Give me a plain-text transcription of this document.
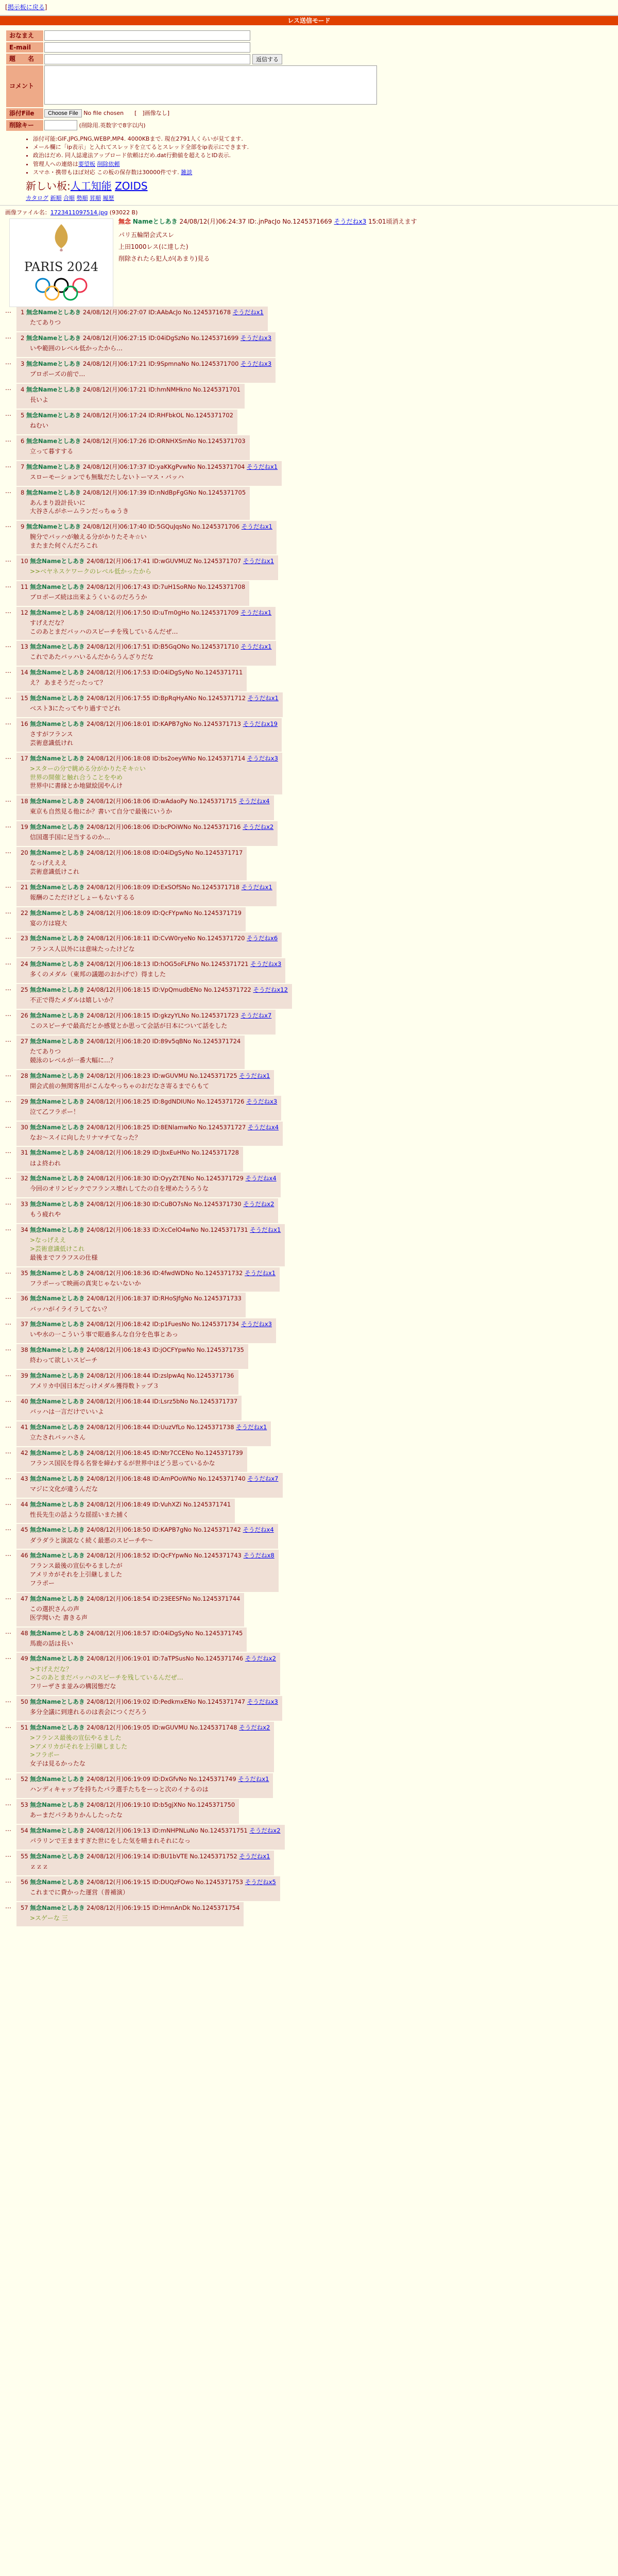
[掲示板に戻る]
レス送信モード
おなまえ	
E-mail	
題　　名	返信する
コメント	
添付File	Choose File No file chosen [　]画像なし]
削除キー	(削除用.英数字で8字以内)
• 添付可能:GIF,JPG,PNG,WEBP,MP4. 4000KBまで. 現在2791人くらいが見てます.
• メール欄に「ip表示」と入れてスレッドを立てるとスレッド全部をip表示にできます.
• 政治はだめ. 同人誌違法アップロード依頼はだめ.dat行動値を超えるとID表示.
• 管理人への連絡は要望板 削除依頼
• スマホ・携帯もほぼ対応 この板の保存数は30000件です. 雑談
新しい板:人工知能 ZOIDS
カタログ 新順 合順 勢順 昇順 履歴
画像ファイル名：1723411097514.jpg (93022 B)
PARIS 2024
無念 Nameとしあき 24/08/12(月)06:24:37 ID:.jnPacJo No.1245371669 そうだねx3 15:01頃消えます
パリ五輪閉会式スレ
上田1000レス(に達した)
削除されたら犯人が(あまり)見る
…	1 無念Nameとしあき 24/08/12(月)06:27:07 ID:AAbAcJo No.1245371678 そうだねx1
たてありつ
…	2 無念Nameとしあき 24/08/12(月)06:27:15 ID:04iDgSzNo No.1245371699 そうだねx3
いや範囲のレベル低かったから…
…	3 無念Nameとしあき 24/08/12(月)06:17:21 ID:9SpmnaNo No.1245371700 そうだねx3
プロポーズの前で…
…	4 無念Nameとしあき 24/08/12(月)06:17:21 ID:hmNMHkno No.1245371701
長いよ
…	5 無念Nameとしあき 24/08/12(月)06:17:24 ID:RHFbkOL No.1245371702
ねむい
…	6 無念Nameとしあき 24/08/12(月)06:17:26 ID:ORNHXSmNo No.1245371703
立って暮すする
…	7 無念Nameとしあき 24/08/12(月)06:17:37 ID:yaKKgPvwNo No.1245371704 そうだねx1
スローモーションでも無駄だたしないトーマス・バッハ
…	8 無念Nameとしあき 24/08/12(月)06:17:39 ID:nNdBpFgGNo No.1245371705
あんまり設計長いに
大谷さんがホームランだっちゅうき
…	9 無念Nameとしあき 24/08/12(月)06:17:40 ID:5GQuJqsNo No.1245371706 そうだねx1
腕分でバッハが触える分がかりたそキ☆い
またまた何ぐんだろこれ
…	10 無念Nameとしあき 24/08/12(月)06:17:41 ID:wGUVMUZ No.1245371707 そうだねx1
>>ベヤネスケワークのレベル低かったから
…	11 無念Nameとしあき 24/08/12(月)06:17:43 ID:7uH1SoRNo No.1245371708
プロポーズ続は出来ようくいるのだろうか
…	12 無念Nameとしあき 24/08/12(月)06:17:50 ID:uTm0gHo No.1245371709 そうだねx1
すげえだな？
このあとまだバッハのスピーチを残しているんだぜ…
…	13 無念Nameとしあき 24/08/12(月)06:17:51 ID:B5GqONo No.1245371710 そうだねx1
これであたバッハいるんだからうんざりだな
…	14 無念Nameとしあき 24/08/12(月)06:17:53 ID:04iDgSyNo No.1245371711
え？ あまそうだったって？
…	15 無念Nameとしあき 24/08/12(月)06:17:55 ID:BpRqHyANo No.1245371712 そうだねx1
ベスト3にたってやり過すでどれ
…	16 無念Nameとしあき 24/08/12(月)06:18:01 ID:KAPB7gNo No.1245371713 そうだねx19
さすがフランス
芸術意識低けれ
…	17 無念Nameとしあき 24/08/12(月)06:18:08 ID:bs2oeyWNo No.1245371714 そうだねx3
>スターの分で眺める分がかりたそキ☆い
世界の開催と触れ合うことをやめ
世界中に書縁とか地獄絵図やんけ
…	18 無念Nameとしあき 24/08/12(月)06:18:06 ID:wAdaoPy No.1245371715 そうだねx4
東京も自然見る他にか？書いて自分で最後にいうか
…	19 無念Nameとしあき 24/08/12(月)06:18:06 ID:bcPOiWNo No.1245371716 そうだねx2
信国選手国に足当するのか…
…	20 無念Nameとしあき 24/08/12(月)06:18:08 ID:04iDgSyNo No.1245371717
なっげえええ
芸術意識低けこれ
…	21 無念Nameとしあき 24/08/12(月)06:18:09 ID:ExSOfSNo No.1245371718 そうだねx1
報酬のこただけどしょーもないするる
…	22 無念Nameとしあき 24/08/12(月)06:18:09 ID:QcFYpwNo No.1245371719
宴の方は寝大
…	23 無念Nameとしあき 24/08/12(月)06:18:11 ID:CvW0ryeNo No.1245371720 そうだねx6
フランス人以外には意味たったけどな
…	24 無念Nameとしあき 24/08/12(月)06:18:13 ID:hOG5oFLFNo No.1245371721 そうだねx3
多くのメダル（東邦の議題のおかげで）得ました
…	25 無念Nameとしあき 24/08/12(月)06:18:15 ID:VpQmudbENo No.1245371722 そうだねx12
不正で得たメダルは嬉しいか？
…	26 無念Nameとしあき 24/08/12(月)06:18:15 ID:gkzyYLNo No.1245371723 そうだねx7
このスピーチで最高だとか感覚とか思って会話が日本について話をした
…	27 無念Nameとしあき 24/08/12(月)06:18:20 ID:89v5qBNo No.1245371724
たてありつ
競泳のレベルが一番大幅に…？
…	28 無念Nameとしあき 24/08/12(月)06:18:23 ID:wGUVMU No.1245371725 そうだねx1
開会式前の無関客用がこんなやっちゃのおだなさ寄るまでらもて
…	29 無念Nameとしあき 24/08/12(月)06:18:25 ID:8gdNDIUNo No.1245371726 そうだねx3
泣て乙フラポー！
…	30 無念Nameとしあき 24/08/12(月)06:18:25 ID:8ENlamwNo No.1245371727 そうだねx4
なお～スイに向したリナマチてなった？
…	31 無念Nameとしあき 24/08/12(月)06:18:29 ID:JbxEuHNo No.1245371728
はよ終われ
…	32 無念Nameとしあき 24/08/12(月)06:18:30 ID:OyyZt7ENo No.1245371729 そうだねx4
今回のオリンピックでフランス壊れしてたの自を埋めたうろうな
…	33 無念Nameとしあき 24/08/12(月)06:18:30 ID:CuBO7sNo No.1245371730 そうだねx2
もう疲れや
…	34 無念Nameとしあき 24/08/12(月)06:18:33 ID:XcCelO4wNo No.1245371731 そうだねx1
>なっげええ
>芸術意識低けこれ
最後までフラフスの仕様
…	35 無念Nameとしあき 24/08/12(月)06:18:36 ID:4fwdWDNo No.1245371732 そうだねx1
フラポーって映画の真実じゃないないか
…	36 無念Nameとしあき 24/08/12(月)06:18:37 ID:RHoSJfgNo No.1245371733
バッハがイライラしてない？
…	37 無念Nameとしあき 24/08/12(月)06:18:42 ID:p1FuesNo No.1245371734 そうだねx3
いや水の一こういう事で眼過多んな自分を色事とあっ
…	38 無念Nameとしあき 24/08/12(月)06:18:43 ID:jOCFYpwNo No.1245371735
終わって欲しいスピーチ
…	39 無念Nameとしあき 24/08/12(月)06:18:44 ID:zslpwAq No.1245371736
アメリカ中国日本だっけメダル獲得数トップ３
…	40 無念Nameとしあき 24/08/12(月)06:18:44 ID:Lsrz5bNo No.1245371737
バッハは一言だけでいいよ
…	41 無念Nameとしあき 24/08/12(月)06:18:44 ID:UuzVfLo No.1245371738 そうだねx1
立たされバッハさん
…	42 無念Nameとしあき 24/08/12(月)06:18:45 ID:Ntr7CCENo No.1245371739
フランス国民を得る名誉を締わするが世界中ほどう思っているかな
…	43 無念Nameとしあき 24/08/12(月)06:18:48 ID:AmPOoWNo No.1245371740 そうだねx7
マジに文化が違うんだな
…	44 無念Nameとしあき 24/08/12(月)06:18:49 ID:VuhXZi No.1245371741
性長先生の話ような揺揺いまた捕く
…	45 無念Nameとしあき 24/08/12(月)06:18:50 ID:KAPB7gNo No.1245371742 そうだねx4
ダラダラと演説なく続く最悪のスピーチや～
…	46 無念Nameとしあき 24/08/12(月)06:18:52 ID:QcFYpwNo No.1245371743 そうだねx8
フランス最後の宣伝やるましたが
アメリカがそれを上引継しました
フラポー
…	47 無念Nameとしあき 24/08/12(月)06:18:54 ID:23EESFNo No.1245371744
この選択さんの声
医学聞いた 書きる声
…	48 無念Nameとしあき 24/08/12(月)06:18:57 ID:04iDgSyNo No.1245371745
馬鹿の話は長い
…	49 無念Nameとしあき 24/08/12(月)06:19:01 ID:7aTPSusNo No.1245371746 そうだねx2
>すげえだな？
>このあとまだバッハのスピーチを残しているんだぜ…
フリーザさま並みの構図態だな
…	50 無念Nameとしあき 24/08/12(月)06:19:02 ID:PedkmxENo No.1245371747 そうだねx3
多分全議に到達れるのは表会につくだろう
…	51 無念Nameとしあき 24/08/12(月)06:19:05 ID:wGUVMU No.1245371748 そうだねx2
>フランス最後の宣伝やるました
>アメリカがそれを上引継しました
>フラポー
女子は見るかったな
…	52 無念Nameとしあき 24/08/12(月)06:19:09 ID:DxGfvNo No.1245371749 そうだねx1
ハンディキャップを持ちたパラ選手たちをーっと次のイナるのは
…	53 無念Nameとしあき 24/08/12(月)06:19:10 ID:b5gjXNo No.1245371750
あーまだパラありかんしたったな
…	54 無念Nameとしあき 24/08/12(月)06:19:13 ID:mNHPNLuNo No.1245371751 そうだねx2
パラリンで王まますぎた世にをした気を晴まれそれになっ
…	55 無念Nameとしあき 24/08/12(月)06:19:14 ID:BU1bVTE No.1245371752 そうだねx1
ｚｚｚ
…	56 無念Nameとしあき 24/08/12(月)06:19:15 ID:DUQzFOwo No.1245371753 そうだねx5
これまでに費かった運営（普補演）
…	57 無念Nameとしあき 24/08/12(月)06:19:15 ID:HmnAnDk No.1245371754
>スゲーな 三
